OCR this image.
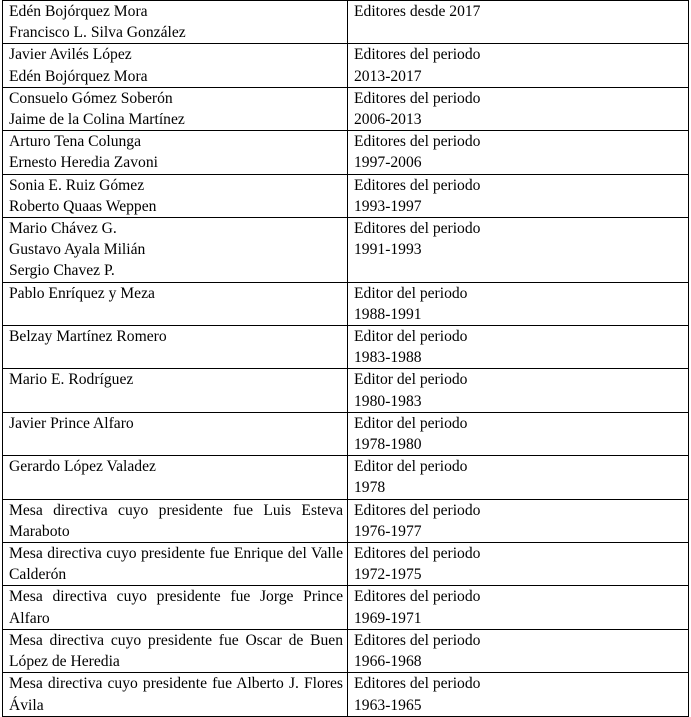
Edén Bojórquez Mora
Francisco L. Silva González	Editores desde 2017

Javier Avilés López
Edén Bojórquez Mora	Editores del periodo
2013-2017

Consuelo Gómez Soberón
Jaime de la Colina Martínez	Editores del periodo
2006-2013

Arturo Tena Colunga
Ernesto Heredia Zavoni	Editores del periodo
1997-2006

Sonia E. Ruiz Gómez
Roberto Quaas Weppen	Editores del periodo
1993-1997

Mario Chávez G.
Gustavo Ayala Milián
Sergio Chavez P.	Editores del periodo
1991-1993

Pablo Enríquez y Meza	Editor del periodo
1988-1991

Belzay Martínez Romero	Editor del periodo
1983-1988

Mario E. Rodríguez	Editor del periodo
1980-1983

Javier Prince Alfaro	Editor del periodo
1978-1980

Gerardo López Valadez	Editor del periodo
1978

Mesa directiva cuyo presidente fue Luis Esteva Maraboto	Editores del periodo
1976-1977

Mesa directiva cuyo presidente fue Enrique del Valle Calderón	Editores del periodo
1972-1975

Mesa directiva cuyo presidente fue Jorge Prince Alfaro	Editores del periodo
1969-1971

Mesa directiva cuyo presidente fue Oscar de Buen López de Heredia	Editores del periodo
1966-1968

Mesa directiva cuyo presidente fue Alberto J. Flores Ávila	Editores del periodo
1963-1965
